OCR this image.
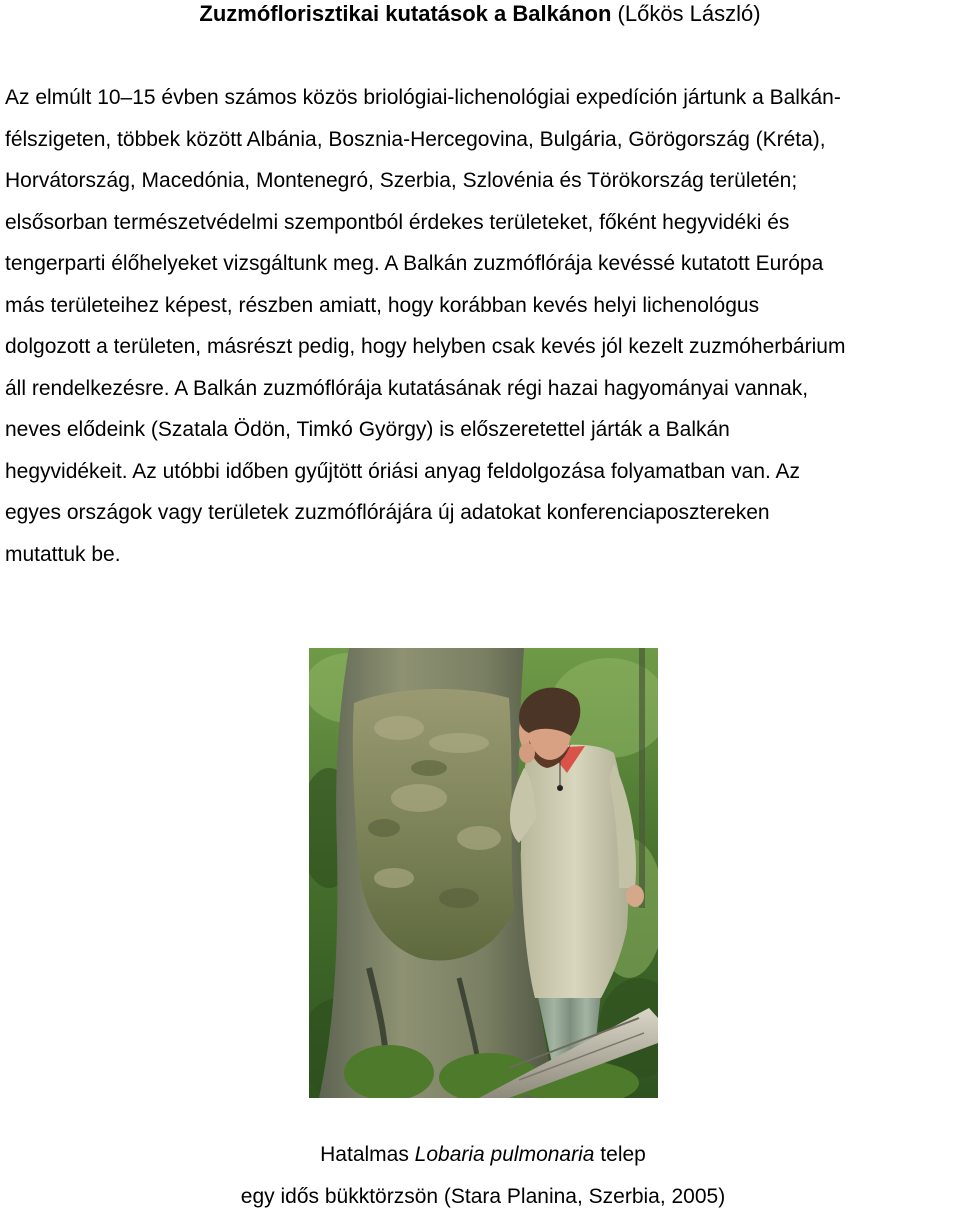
Zuzmóflorisztikai kutatások a Balkánon (Lőkös László)

Az elmúlt 10–15 évben számos közös briológiai-lichenológiai expedíción jártunk a Balkán-
félszigeten, többek között Albánia, Bosznia-Hercegovina, Bulgária, Görögország (Kréta),
Horvátország, Macedónia, Montenegró, Szerbia, Szlovénia és Törökország területén;
elsősorban természetvédelmi szempontból érdekes területeket, főként hegyvidéki és
tengerparti élőhelyeket vizsgáltunk meg. A Balkán zuzmóflórája kevéssé kutatott Európa
más területeihez képest, részben amiatt, hogy korábban kevés helyi lichenológus
dolgozott a területen, másrészt pedig, hogy helyben csak kevés jól kezelt zuzmóherbárium
áll rendelkezésre. A Balkán zuzmóflórája kutatásának régi hazai hagyományai vannak,
neves elődeink (Szatala Ödön, Timkó György) is előszeretettel járták a Balkán
hegyvidékeit. Az utóbbi időben gyűjtött óriási anyag feldolgozása folyamatban van. Az
egyes országok vagy területek zuzmóflórájára új adatokat konferenciaposztereken
mutattuk be.

Hatalmas Lobaria pulmonaria telep
egy idős bükktörzsön (Stara Planina, Szerbia, 2005)
